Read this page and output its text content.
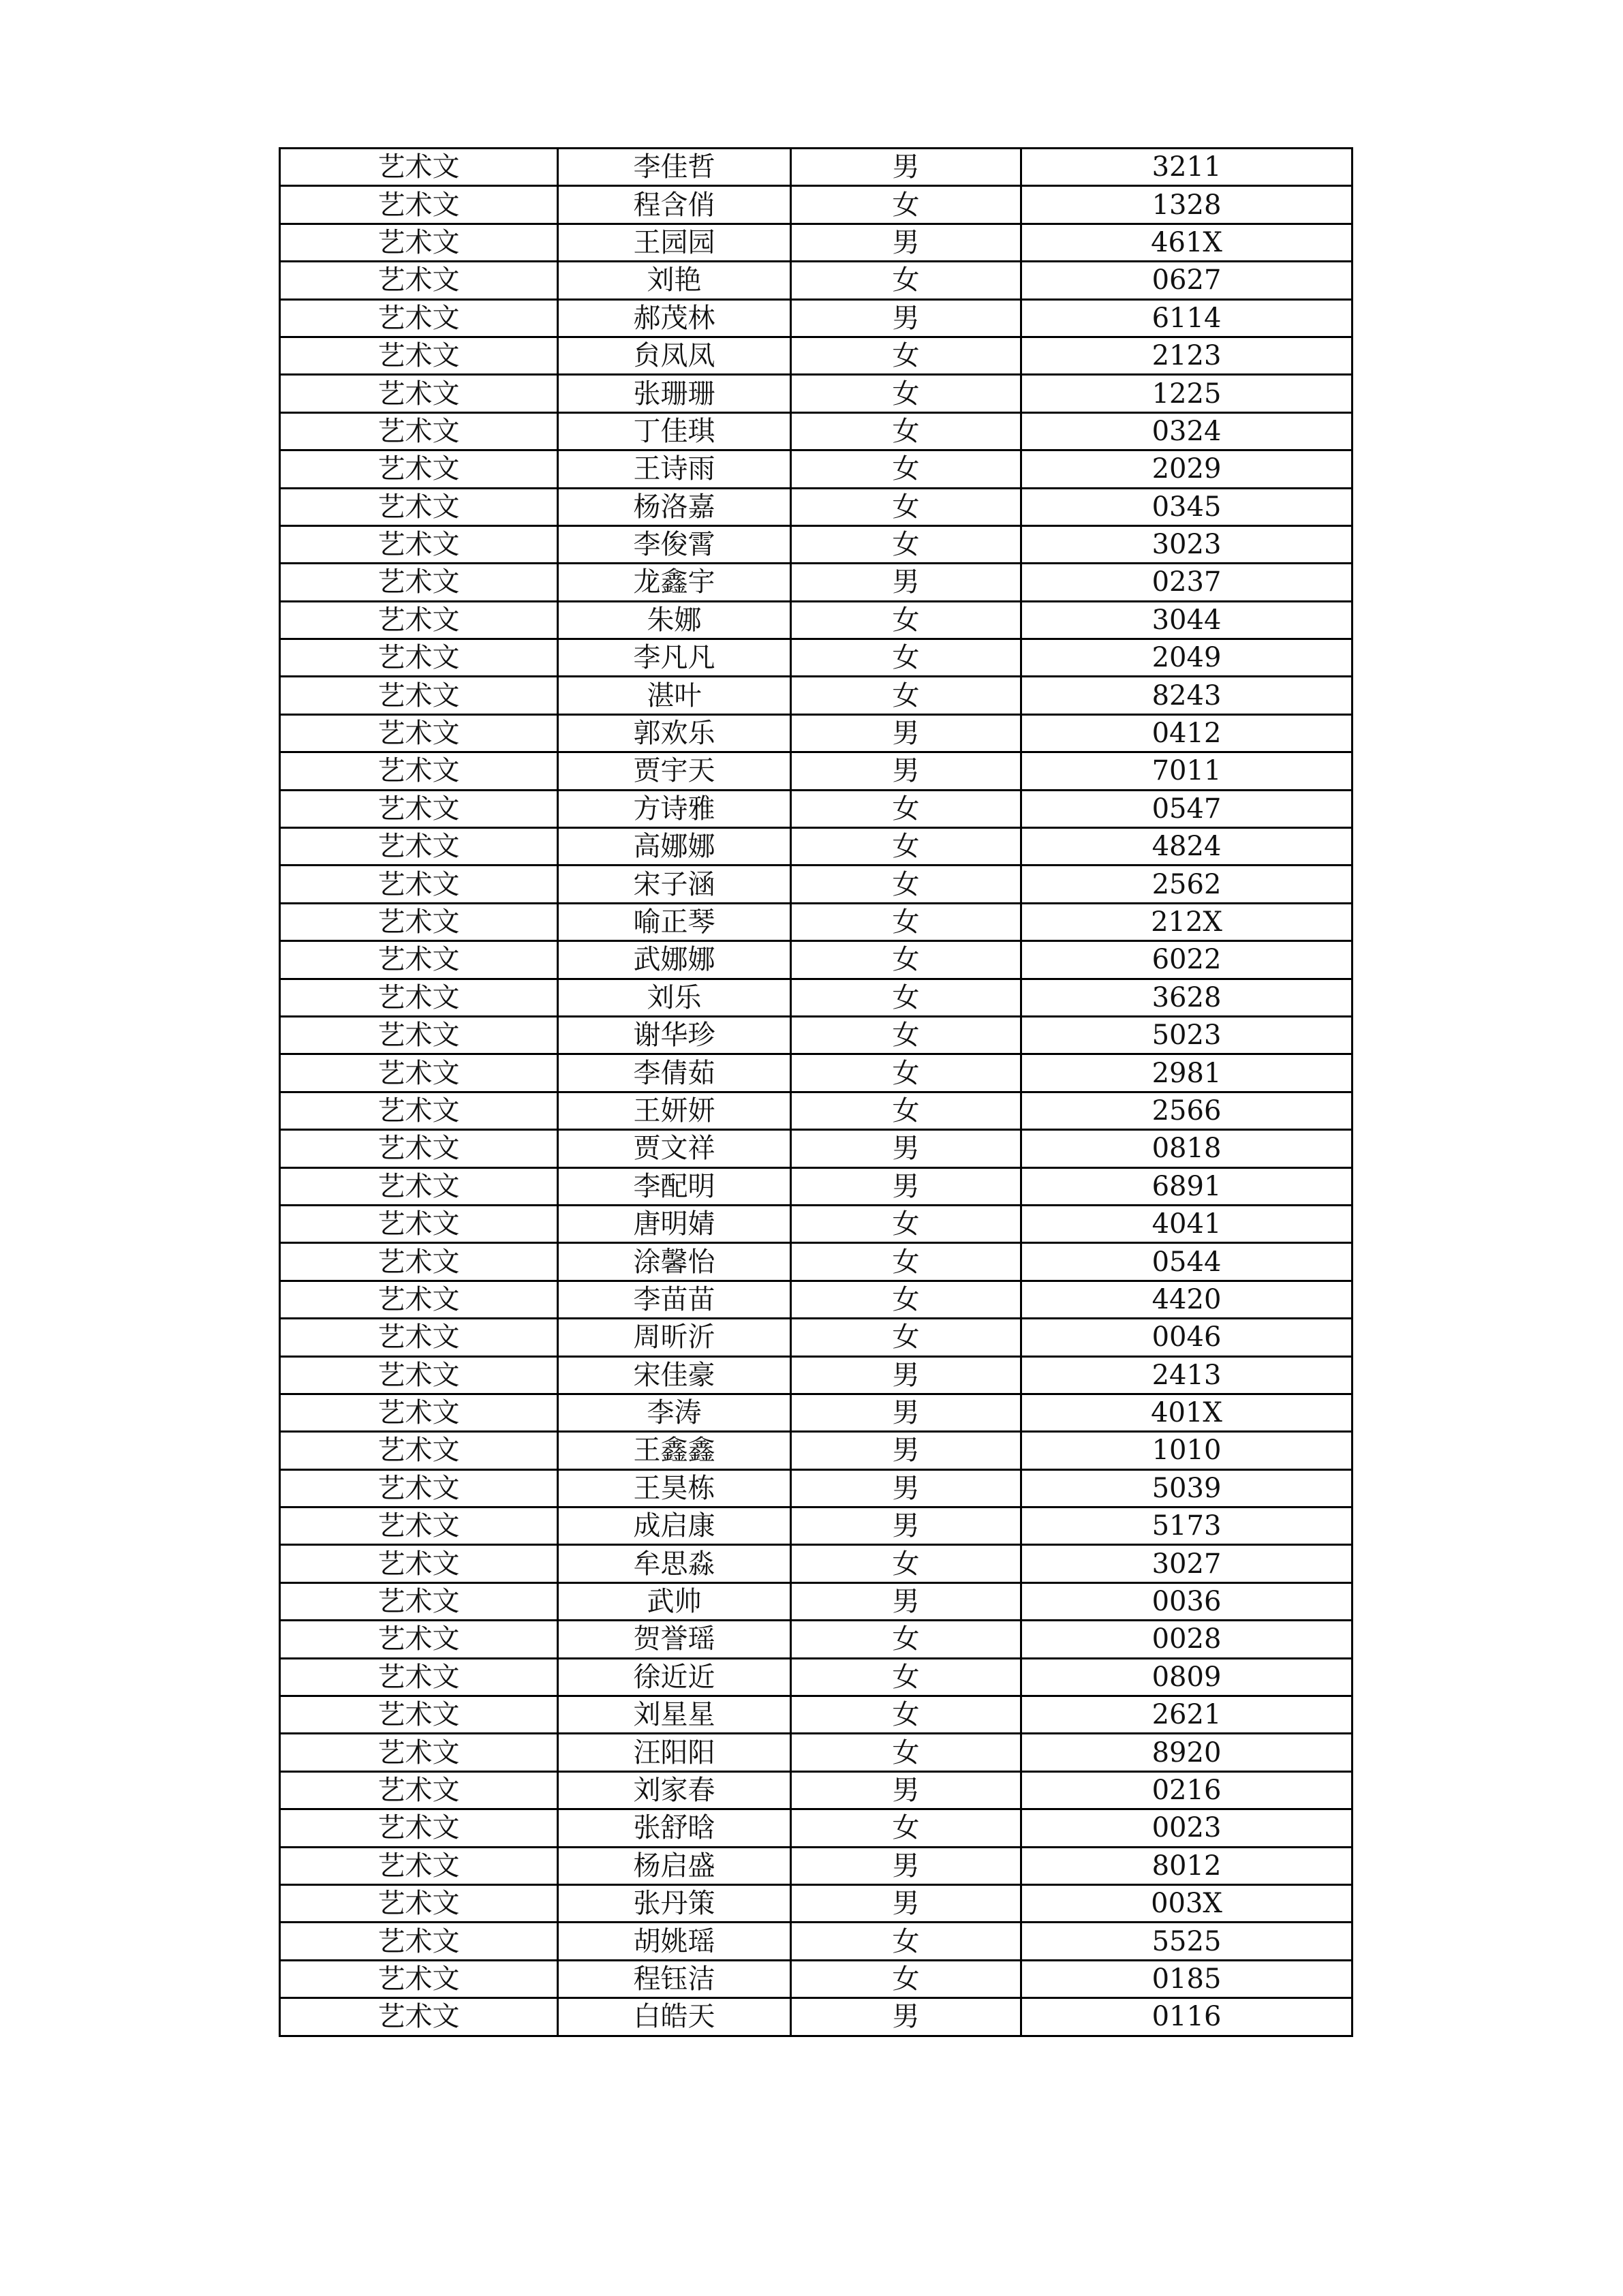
艺术文	李佳哲	男	3211
艺术文	程含俏	女	1328
艺术文	王园园	男	461X
艺术文	刘艳	女	0627
艺术文	郝茂林	男	6114
艺术文	贠凤凤	女	2123
艺术文	张珊珊	女	1225
艺术文	丁佳琪	女	0324
艺术文	王诗雨	女	2029
艺术文	杨洛嘉	女	0345
艺术文	李俊霄	女	3023
艺术文	龙鑫宇	男	0237
艺术文	朱娜	女	3044
艺术文	李凡凡	女	2049
艺术文	湛叶	女	8243
艺术文	郭欢乐	男	0412
艺术文	贾宇天	男	7011
艺术文	方诗雅	女	0547
艺术文	高娜娜	女	4824
艺术文	宋子涵	女	2562
艺术文	喻正琴	女	212X
艺术文	武娜娜	女	6022
艺术文	刘乐	女	3628
艺术文	谢华珍	女	5023
艺术文	李倩茹	女	2981
艺术文	王妍妍	女	2566
艺术文	贾文祥	男	0818
艺术文	李配明	男	6891
艺术文	唐明婧	女	4041
艺术文	涂馨怡	女	0544
艺术文	李苗苗	女	4420
艺术文	周昕沂	女	0046
艺术文	宋佳豪	男	2413
艺术文	李涛	男	401X
艺术文	王鑫鑫	男	1010
艺术文	王昊栋	男	5039
艺术文	成启康	男	5173
艺术文	牟思淼	女	3027
艺术文	武帅	男	0036
艺术文	贺誉瑶	女	0028
艺术文	徐近近	女	0809
艺术文	刘星星	女	2621
艺术文	汪阳阳	女	8920
艺术文	刘家春	男	0216
艺术文	张舒晗	女	0023
艺术文	杨启盛	男	8012
艺术文	张丹策	男	003X
艺术文	胡姚瑶	女	5525
艺术文	程钰洁	女	0185
艺术文	白皓天	男	0116
